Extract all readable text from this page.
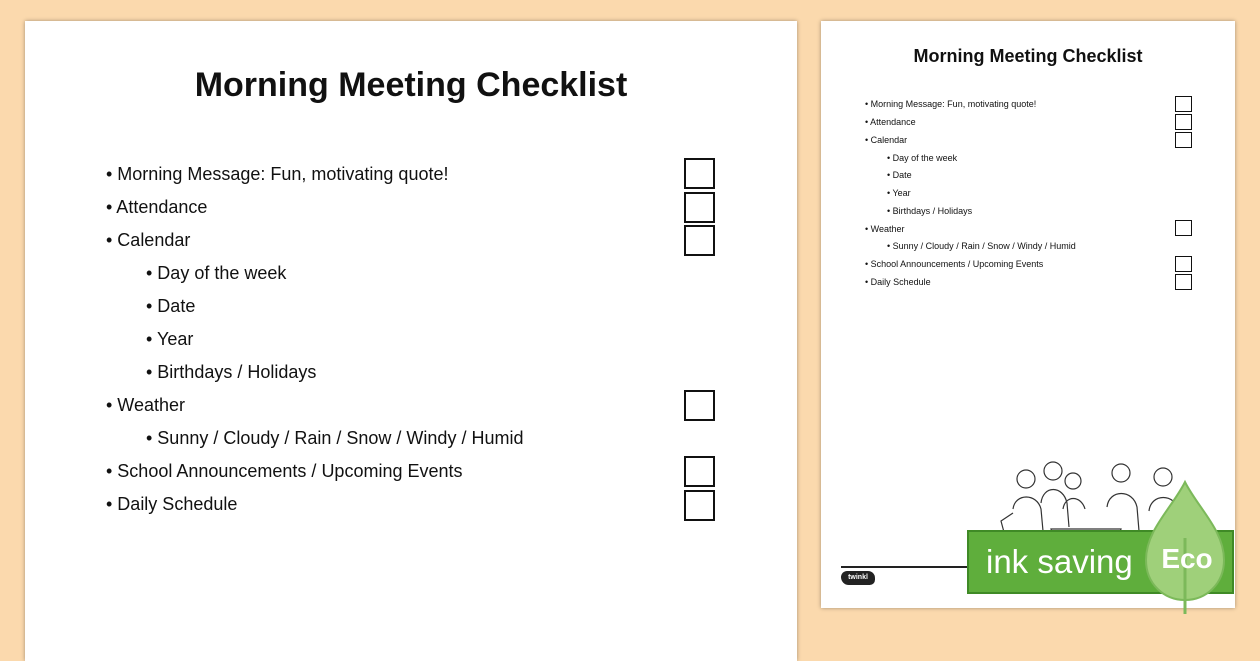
Morning Meeting Checklist
• Morning Message: Fun, motivating quote!
• Attendance
• Calendar
• Day of the week
• Date
• Year
• Birthdays / Holidays
• Weather
• Sunny / Cloudy / Rain / Snow / Windy / Humid
• School Announcements / Upcoming Events
• Daily Schedule
Morning Meeting Checklist
• Morning Message: Fun, motivating quote!
• Attendance
• Calendar
• Day of the week
• Date
• Year
• Birthdays / Holidays
• Weather
• Sunny / Cloudy / Rain / Snow / Windy / Humid
• School Announcements / Upcoming Events
• Daily Schedule
twinkl	ink saving	Eco
